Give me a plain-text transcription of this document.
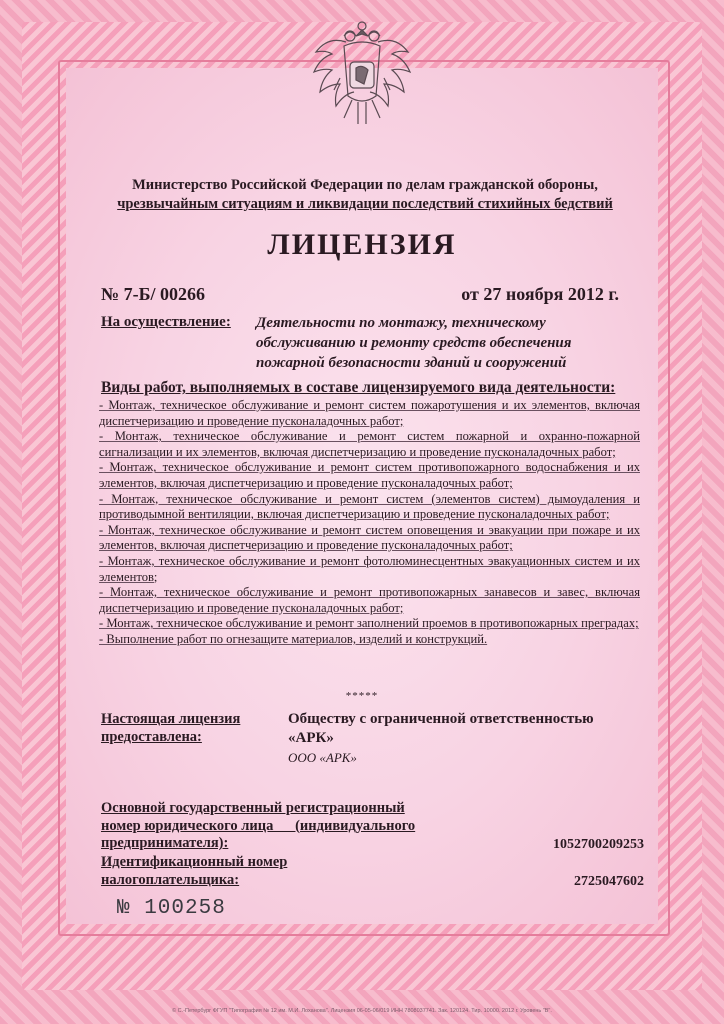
Министерство Российской Федерации по делам гражданской обороны,
чрезвычайным ситуациям и ликвидации последствий стихийных бедствий
ЛИЦЕНЗИЯ
№ 7-Б/ 00266	от 27 ноября 2012 г.
На осуществление: Деятельности по монтажу, техническому обслуживанию и ремонту средств обеспечения пожарной безопасности зданий и сооружений
Виды работ, выполняемых в составе лицензируемого вида деятельности:
- Монтаж, техническое обслуживание и ремонт систем пожаротушения и их элементов, включая диспетчеризацию и проведение пусконаладочных работ;
- Монтаж, техническое обслуживание и ремонт систем пожарной и охранно-пожарной сигнализации и их элементов, включая диспетчеризацию и проведение пусконаладочных работ;
- Монтаж, техническое обслуживание и ремонт систем противопожарного водоснабжения и их элементов, включая диспетчеризацию и проведение пусконаладочных работ;
- Монтаж, техническое обслуживание и ремонт систем (элементов систем) дымоудаления и противодымной вентиляции, включая диспетчеризацию и проведение пусконаладочных работ;
- Монтаж, техническое обслуживание и ремонт систем оповещения и эвакуации при пожаре и их элементов, включая диспетчеризацию и проведение пусконаладочных работ;
- Монтаж, техническое обслуживание и ремонт фотолюминесцентных эвакуационных систем и их элементов;
- Монтаж, техническое обслуживание и ремонт противопожарных занавесов и завес, включая диспетчеризацию и проведение пусконаладочных работ;
- Монтаж, техническое обслуживание и ремонт заполнений проемов в противопожарных преградах;
- Выполнение работ по огнезащите материалов, изделий и конструкций.
*****
Настоящая лицензия
предоставлена:
Обществу с ограниченной ответственностью
«АРК»
ООО «АРК»
Основной государственный регистрационный
номер юридического лица      (индивидуального
предпринимателя):	1052700209253
Идентификационный номер
налогоплательщика:	2725047602
№ 100258
© С.-Петербург ФГУП "Типография № 12 им. М.И. Лоханова". Лицензия 06-05-06/019 ИНН 7808037741. Зак. 120124. Тир. 10000. 2012 г. Уровень "В".
